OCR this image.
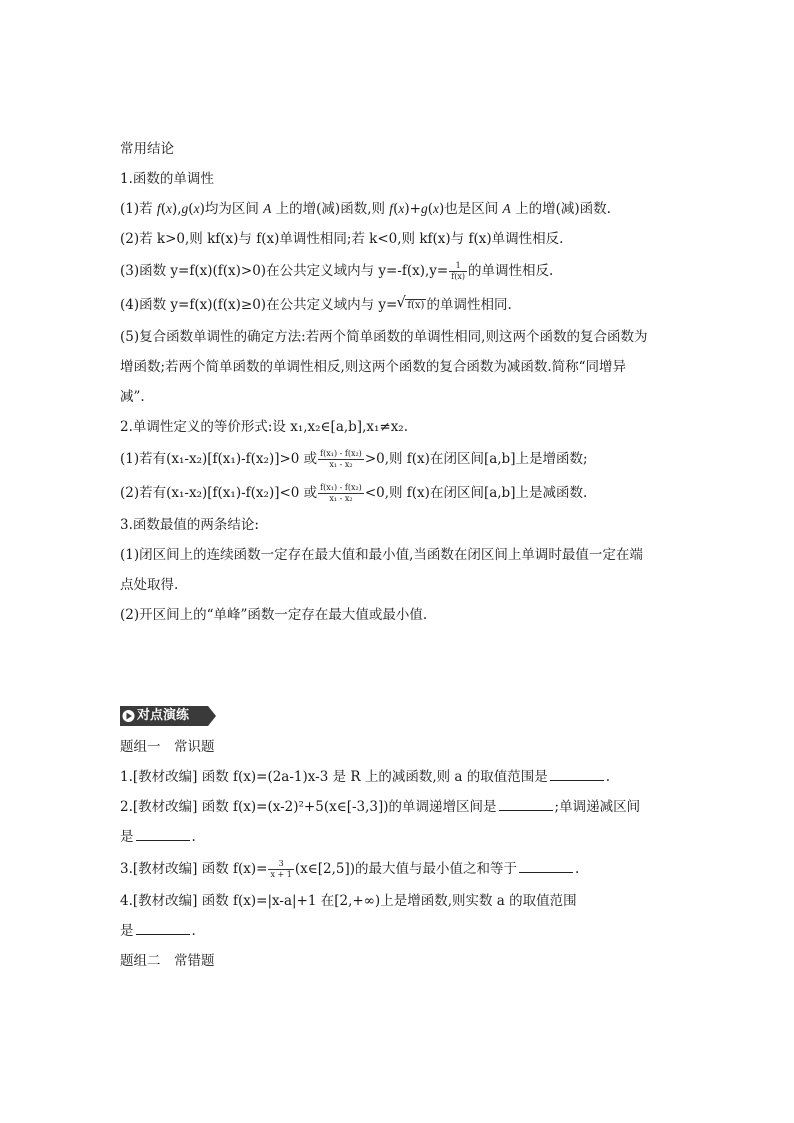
常用结论
1.函数的单调性
(1)若 f(x),g(x)均为区间 A 上的增(减)函数,则 f(x)+g(x)也是区间 A 上的增(减)函数.
(2)若 k>0,则 kf(x)与 f(x)单调性相同;若 k<0,则 kf(x)与 f(x)单调性相反.
(3)函数 y=f(x)(f(x)>0)在公共定义域内与 $y=-f(x),y= \frac{1}{f(x)}$ 的单调性相反.
(4)函数 y=f(x)(f(x)≥0)在公共定义域内与 y=√ f(x) 的单调性相同.
(5)复合函数单调性的确定方法:若两个简单函数的单调性相同,则这两个函数的复合函数为
增函数;若两个简单函数的单调性相反,则这两个函数的复合函数为减函数.简称“同增异
减”.
2.单调性定义的等价形式:设 x₁,x₂∈[a,b],x₁≠x₂.
(1)若有(x₁-x₂)[f(x₁)-f(x₂)]>0 或 $\frac{\text{f(x₁) - f(x₂)}}{\text{x₁ - x₂}} >0$,则 f(x)在闭区间[a,b]上是增函数;
(2)若有(x₁-x₂)[f(x₁)-f(x₂)]<0 或 $\frac{\text{f(x₁) - f(x₂)}}{\text{x₁ - x₂}} <0$,则 f(x)在闭区间[a,b]上是减函数.
3.函数最值的两条结论:
(1)闭区间上的连续函数一定存在最大值和最小值,当函数在闭区间上单调时最值一定在端
点处取得.
(2)开区间上的“单峰”函数一定存在最大值或最小值.
对点演练
题组一　常识题
1.[教材改编] 函数 f(x)=(2a-1)x-3 是 R 上的减函数,则 a 的取值范围是	.
2.[教材改编] 函数 f(x)=(x-2)²+5(x∈[-3,3])的单调递增区间是	;单调递减区间
是	.
3.[教材改编] 函数 $f(x)= \frac{3}{x + 1}$ (x∈[2,5])的最大值与最小值之和等于	.
4.[教材改编] 函数 f(x)=|x-a|+1 在[2,+∞)上是增函数,则实数 a 的取值范围
是	.
题组二　常错题
